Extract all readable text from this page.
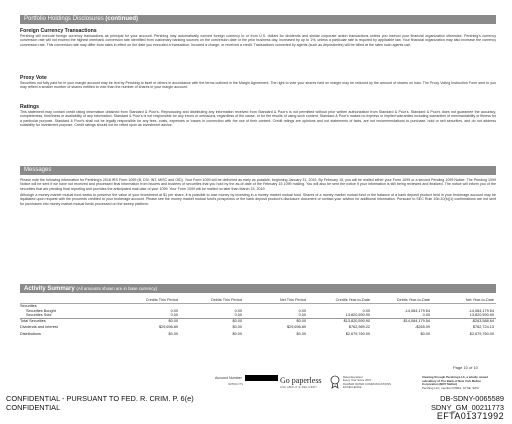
Portfolio Holdings Disclosures (continued)
Foreign Currency Transactions
Pershing will execute foreign currency transactions as principal for your account. Pershing may automatically convert foreign currency to or from U.S. dollars for dividends and similar corporate action transactions unless you instruct your financial organization otherwise. Pershing's currency conversion rate will not exceed the highest interbank conversion rate identified from customary banking sources on the conversion date or the prior business day, increased by up to 1%, unless a particular rate is required by applicable law. Your financial organization may also increase the currency conversion rate. This conversion rate may differ from rates in effect on the date you executed a transaction, incurred a charge, or received a credit. Transactions converted by agents (such as depositories) will be billed at the rates such agents use.
Proxy Vote
Securities not fully paid for in your margin account may be lent by Pershing to itself or others in accordance with the terms outlined in the Margin Agreement. The right to vote your shares held on margin may be reduced by the amount of shares on loan. The Proxy Voting Instruction Form sent to you may reflect a smaller number of shares entitled to vote than the number of shares in your margin account.
Ratings
This statement may contain credit rating information obtained from Standard & Poor's. Reproducing and distributing any information received from Standard & Poor's is not permitted without prior written authorization from Standard & Poor's. Standard & Poor's does not guarantee the accuracy, completeness, timeliness or availability of any information. Standard & Poor's is not responsible for any errors or omissions, regardless of the cause, or for the results of using such content. Standard & Poor's makes no express or implied warranties including warranties of merchantability or fitness for a particular purpose. Standard & Poor's shall not be legally responsible for any fees, costs, expenses or losses in connection with the use of their content. Credit ratings are opinions and not statements of facts, are not recommendations to purchase, hold or sell securities, and do not address suitability for investment purpose. Credit ratings should not be relied upon as investment advice.
Messages
Please note the following information for Pershing's 2018 IRS Form 1099 (B, DIV, INT, MISC and OID). Your Form 1099 will be delivered as early as possible, beginning January 31, 2019. By February 15, you will be mailed either your Form 1099 or a second Pending 1099 Notice. The Pending 1099 Notice will be sent if we have not received and processed final information from issuers and trustees of securities that you hold by the as-of date of the February 15 1099 mailing. You will also be sent the notice if your information is still being reviewed and finalized. The notice will inform you of the securities that are pending final reporting and provides the anticipated mail date of your 1099. Your Form 1099 will be mailed no later than March 15, 2019.
Although a money market mutual fund seeks to preserve the value of your investment at $1 per share, it is possible to lose money by investing in a money market mutual fund. Shares of a money market mutual fund or the balance of a bank deposit product held in your brokerage account may be liquidated upon request with the proceeds credited to your brokerage account. Please see the money market mutual fund's prospectus or the bank deposit product's disclosure document or contact your advisor for additional information. Pursuant to SEC Rule 10b-10(b)(1) confirmations are not sent for purchases into money market mutual funds processed on the sweep platform.
Activity Summary (All amounts shown are in base currency)
	Credits This Period	Debits This Period	Net This Period	Credits Year-to-Date	Debits Year-to-Date	Net Year-to-Date
Securities						
Securities Bought	0.00	0.00	0.00	0.00	-14,084,179.54	-14,084,179.54
Securities Sold	0.00	0.00	0.00	13,820,590.90	0.00	13,820,590.90
Total Securities	$0.00	$0.00	$0.00	$13,820,590.90	-$14,084,179.54	-$263,588.64
Dividends and Interest	$29,696.89	$0.00	$29,696.89	$762,989.22	-$265.09	$762,724.13
Distributions	$0.00	$0.00	$0.00	$2,679,760.00	$0.00	$2,679,760.00
Page 10 of 10
Account Number
4RBSDOTS	Go paperless
ASK ABOUT E-DELIVERY
Rated Excellent
Every Year Since 2007
DALBAR RATED COMMUNICATIONS
EXCELLENCE
Clearing through Pershing LLC, a wholly owned
subsidiary of The Bank of New York Mellon
Corporation (BNY Mellon)
Pershing LLC, member FINRA, NYSE, SIPC
CONFIDENTIAL - PURSUANT TO FED. R. CRIM. P. 6(e)
CONFIDENTIAL
DB-SDNY-0065589
SDNY_GM_00211773
EFTA01371992
